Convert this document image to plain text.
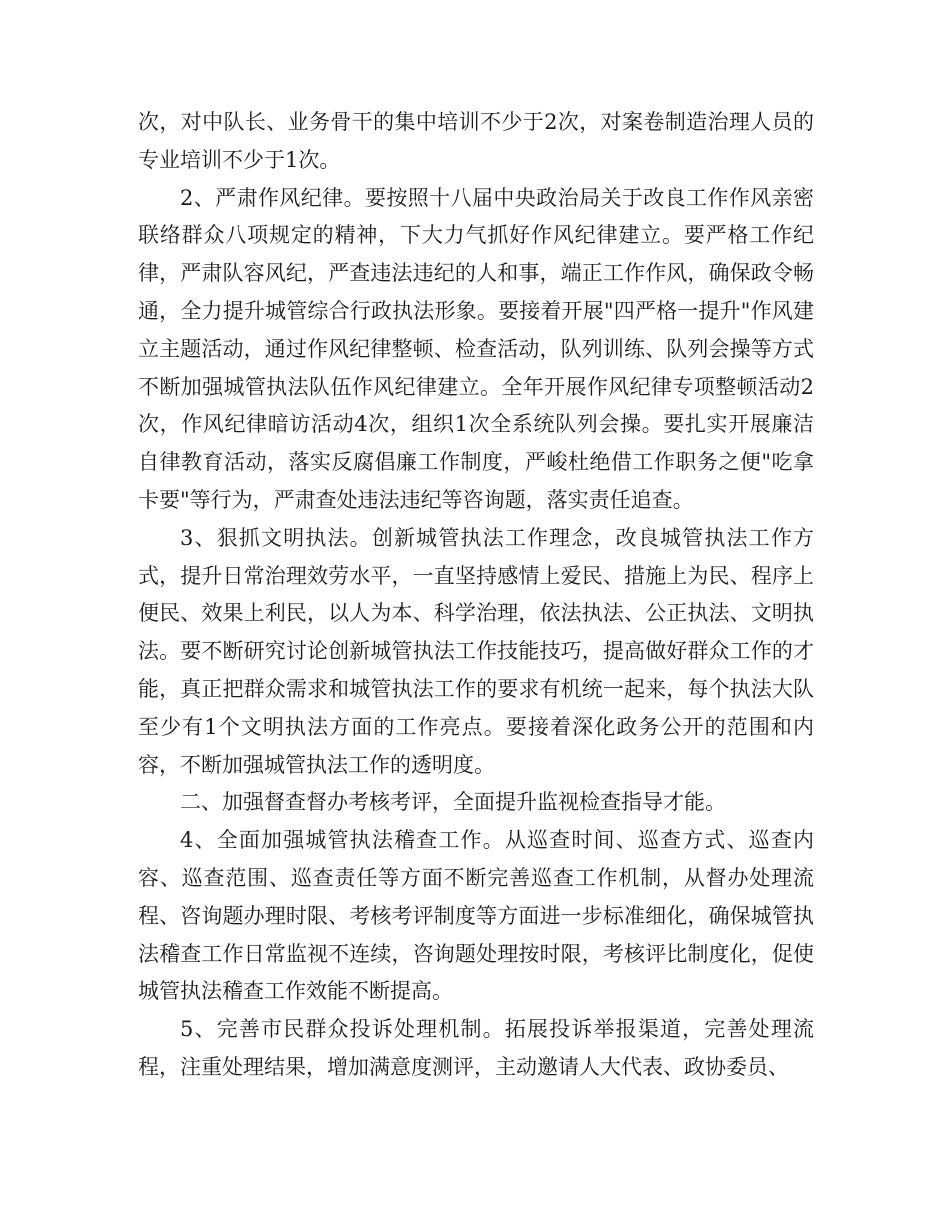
次，对中队长、业务骨干的集中培训不少于2次，对案卷制造治理人员的专业培训不少于1次。

2、严肃作风纪律。要按照十八届中央政治局关于改良工作作风亲密联络群众八项规定的精神，下大力气抓好作风纪律建立。要严格工作纪律，严肃队容风纪，严查违法违纪的人和事，端正工作作风，确保政令畅通，全力提升城管综合行政执法形象。要接着开展"四严格一提升"作风建立主题活动，通过作风纪律整顿、检查活动，队列训练、队列会操等方式不断加强城管执法队伍作风纪律建立。全年开展作风纪律专项整顿活动2次，作风纪律暗访活动4次，组织1次全系统队列会操。要扎实开展廉洁自律教育活动，落实反腐倡廉工作制度，严峻杜绝借工作职务之便"吃拿卡要"等行为，严肃查处违法违纪等咨询题，落实责任追查。

3、狠抓文明执法。创新城管执法工作理念，改良城管执法工作方式，提升日常治理效劳水平，一直坚持感情上爱民、措施上为民、程序上便民、效果上利民，以人为本、科学治理，依法执法、公正执法、文明执法。要不断研究讨论创新城管执法工作技能技巧，提高做好群众工作的才能，真正把群众需求和城管执法工作的要求有机统一起来，每个执法大队至少有1个文明执法方面的工作亮点。要接着深化政务公开的范围和内容，不断加强城管执法工作的透明度。

二、加强督查督办考核考评，全面提升监视检查指导才能。

4、全面加强城管执法稽查工作。从巡查时间、巡查方式、巡查内容、巡查范围、巡查责任等方面不断完善巡查工作机制，从督办处理流程、咨询题办理时限、考核考评制度等方面进一步标准细化，确保城管执法稽查工作日常监视不连续，咨询题处理按时限，考核评比制度化，促使城管执法稽查工作效能不断提高。

5、完善市民群众投诉处理机制。拓展投诉举报渠道，完善处理流程，注重处理结果，增加满意度测评，主动邀请人大代表、政协委员、
